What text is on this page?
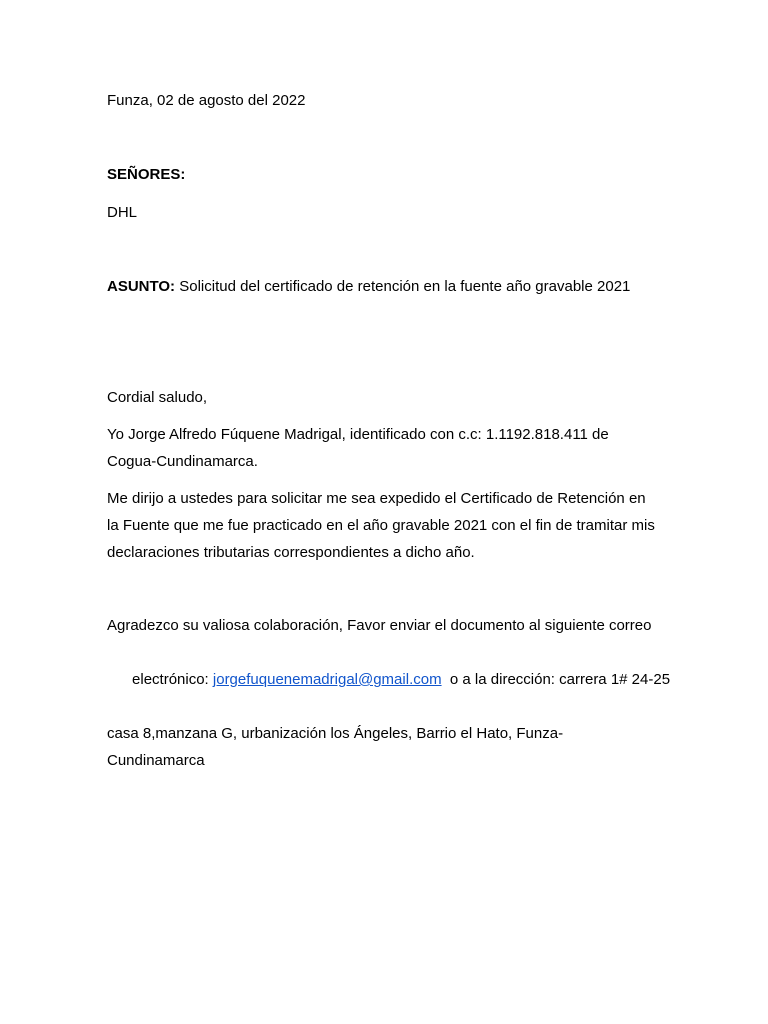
Funza, 02 de agosto del 2022
SEÑORES:
DHL
ASUNTO: Solicitud del certificado de retención en la fuente año gravable 2021
Cordial saludo,
Yo Jorge Alfredo Fúquene Madrigal, identificado con c.c: 1.1192.818.411 de
Cogua-Cundinamarca.
Me dirijo a ustedes para solicitar me sea expedido el Certificado de Retención en
la Fuente que me fue practicado en el año gravable 2021 con el fin de tramitar mis
declaraciones tributarias correspondientes a dicho año.
Agradezco su valiosa colaboración, Favor enviar el documento al siguiente correo

electrónico: jorgefuquenemadrigal@gmail.com  o a la dirección: carrera 1# 24-25

casa 8,manzana G, urbanización los Ángeles, Barrio el Hato, Funza-
Cundinamarca
